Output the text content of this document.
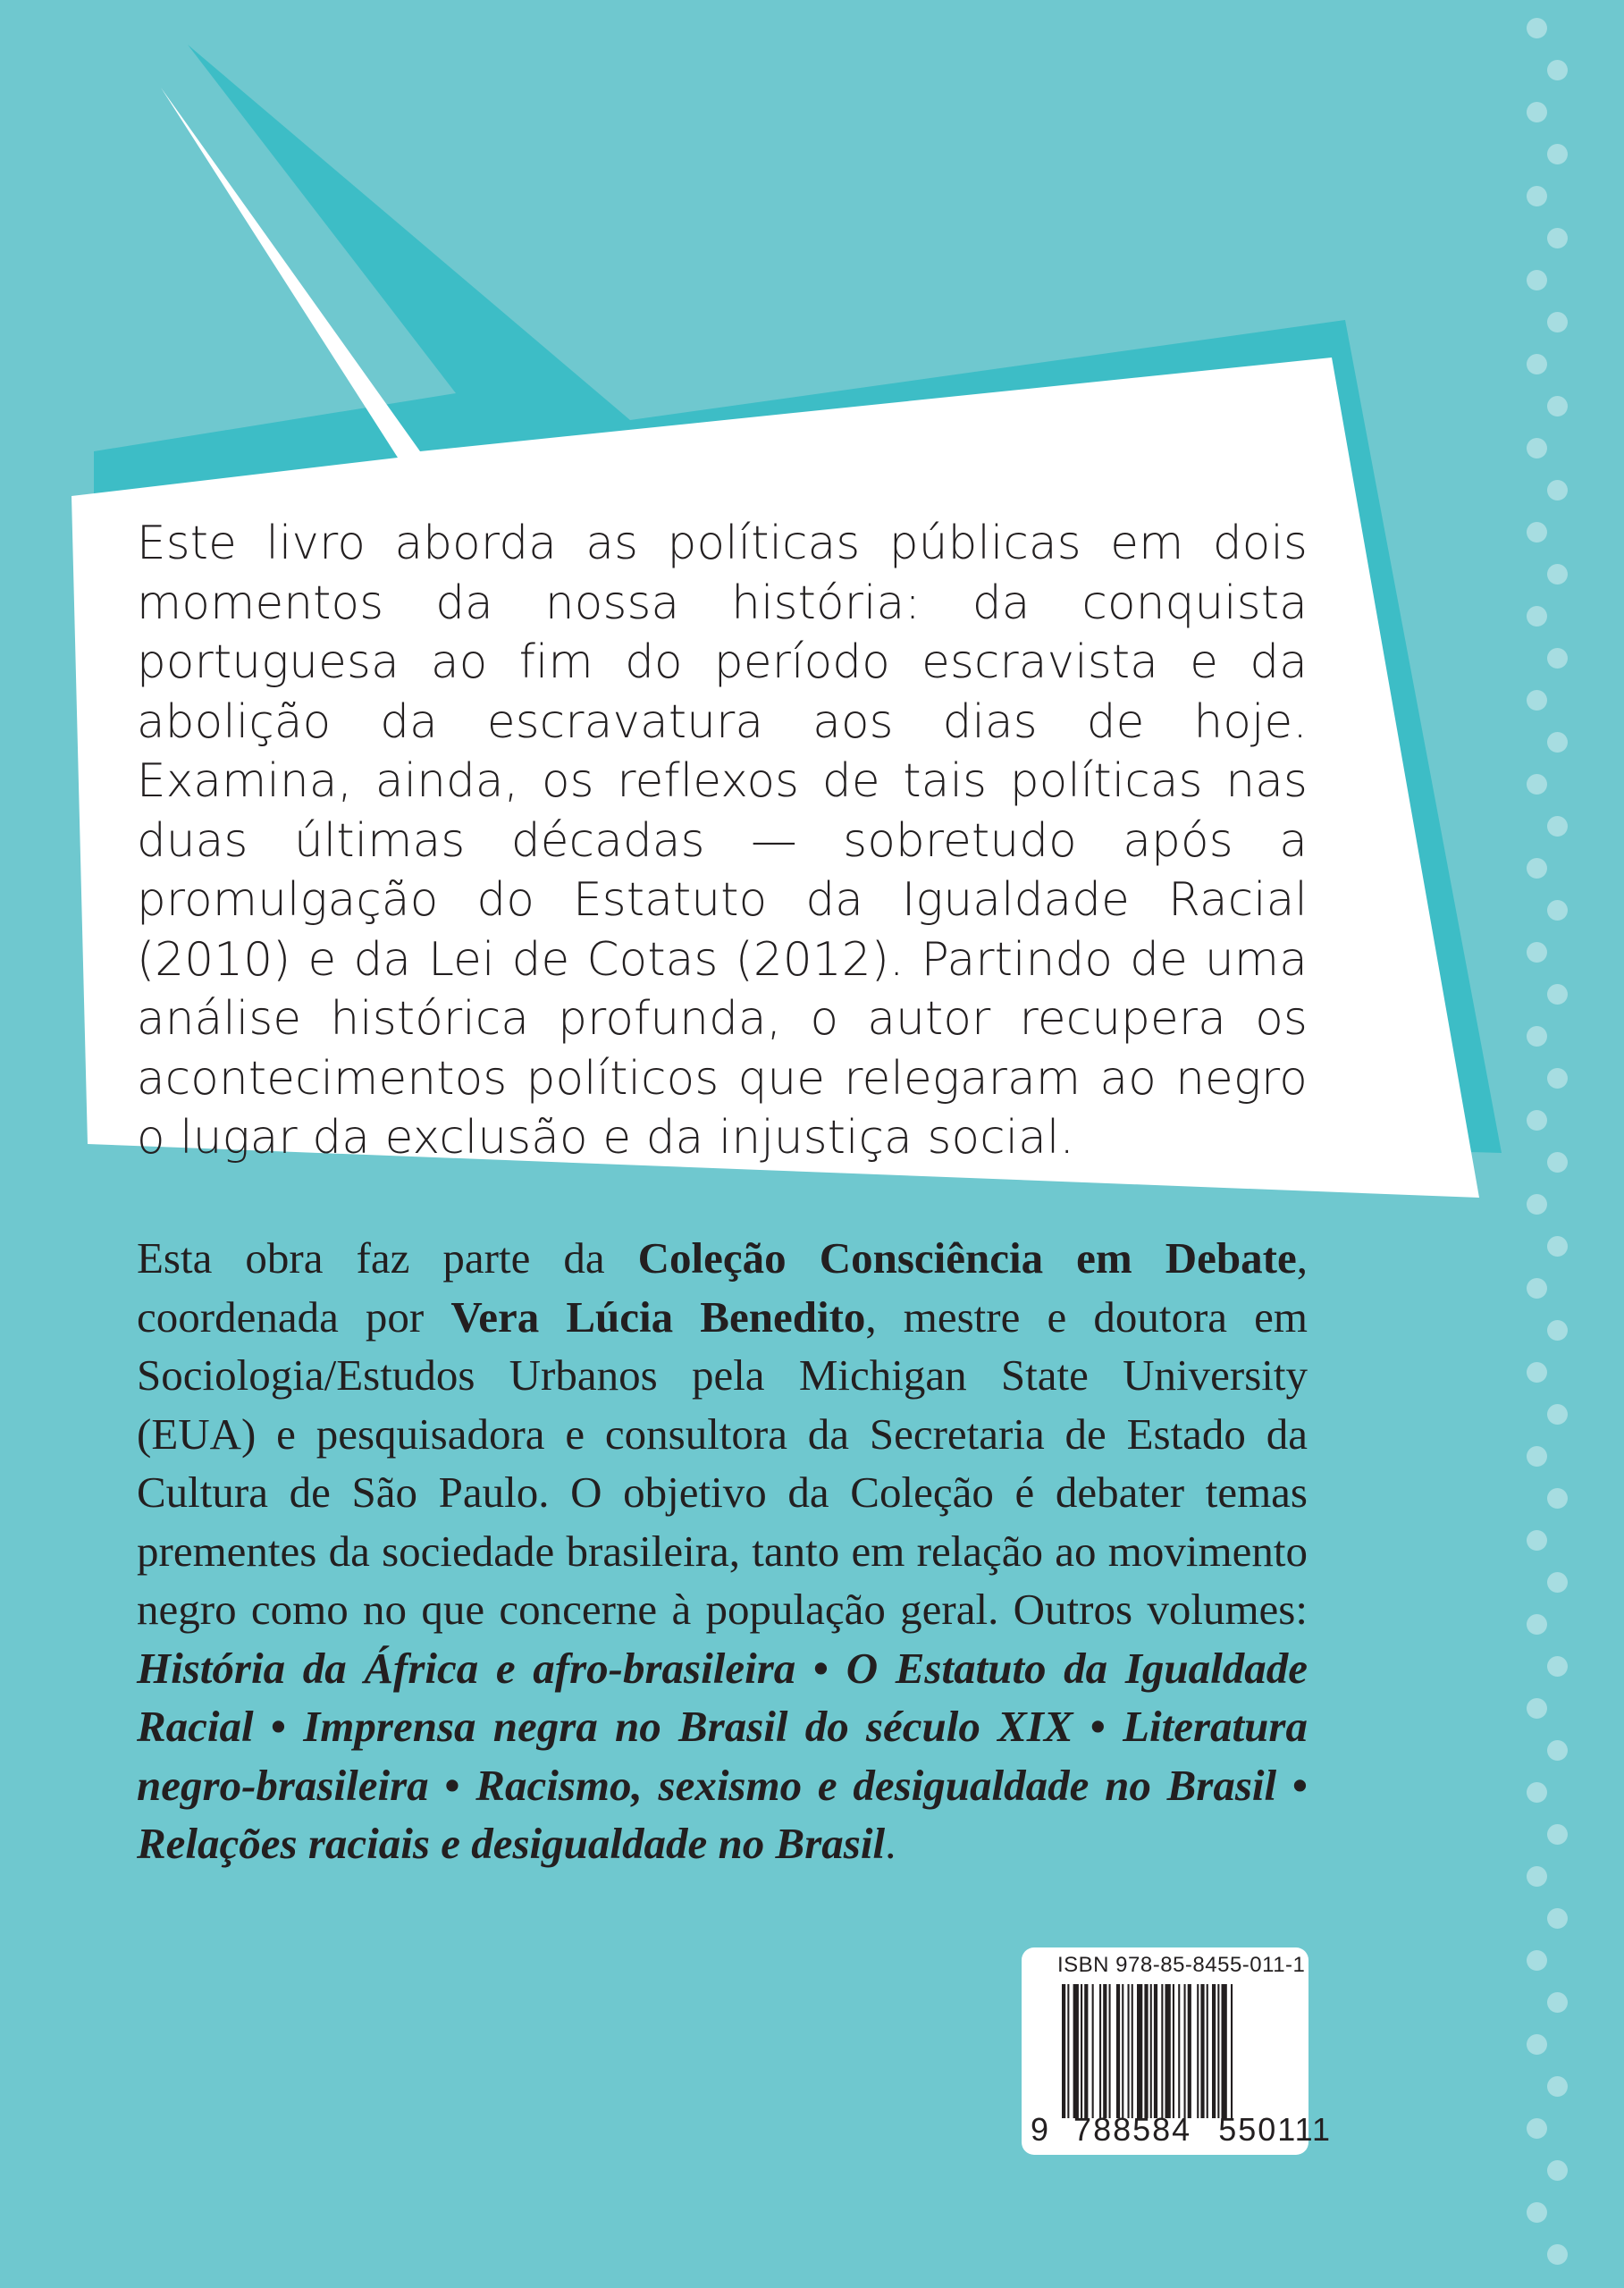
Este livro aborda as políticas públicas em dois momentos da nossa história: da conquista portuguesa ao fim do período escravista e da abolição da escravatura aos dias de hoje. Examina, ainda, os reflexos de tais políticas nas duas últimas décadas — sobretudo após a promulgação do Estatuto da Igualdade Racial (2010) e da Lei de Cotas (2012). Partindo de uma análise histórica profunda, o autor recupera os acontecimentos políticos que relegaram ao negro o lugar da exclusão e da injustiça social.
Esta obra faz parte da Coleção Consciência em Debate, coordenada por Vera Lúcia Benedito, mestre e doutora em Sociologia/Estudos Urbanos pela Michigan State University (EUA) e pesquisadora e consultora da Secretaria de Estado da Cultura de São Paulo. O objetivo da Coleção é debater temas prementes da sociedade brasileira, tanto em relação ao movimento negro como no que concerne à população geral. Outros volumes: História da África e afro-brasileira • O Estatuto da Igualdade Racial • Imprensa negra no Brasil do século XIX • Literatura negro-brasileira • Racismo, sexismo e desigualdade no Brasil • Relações raciais e desigualdade no Brasil.
ISBN 978-85-8455-011-1
9 788584 550111
